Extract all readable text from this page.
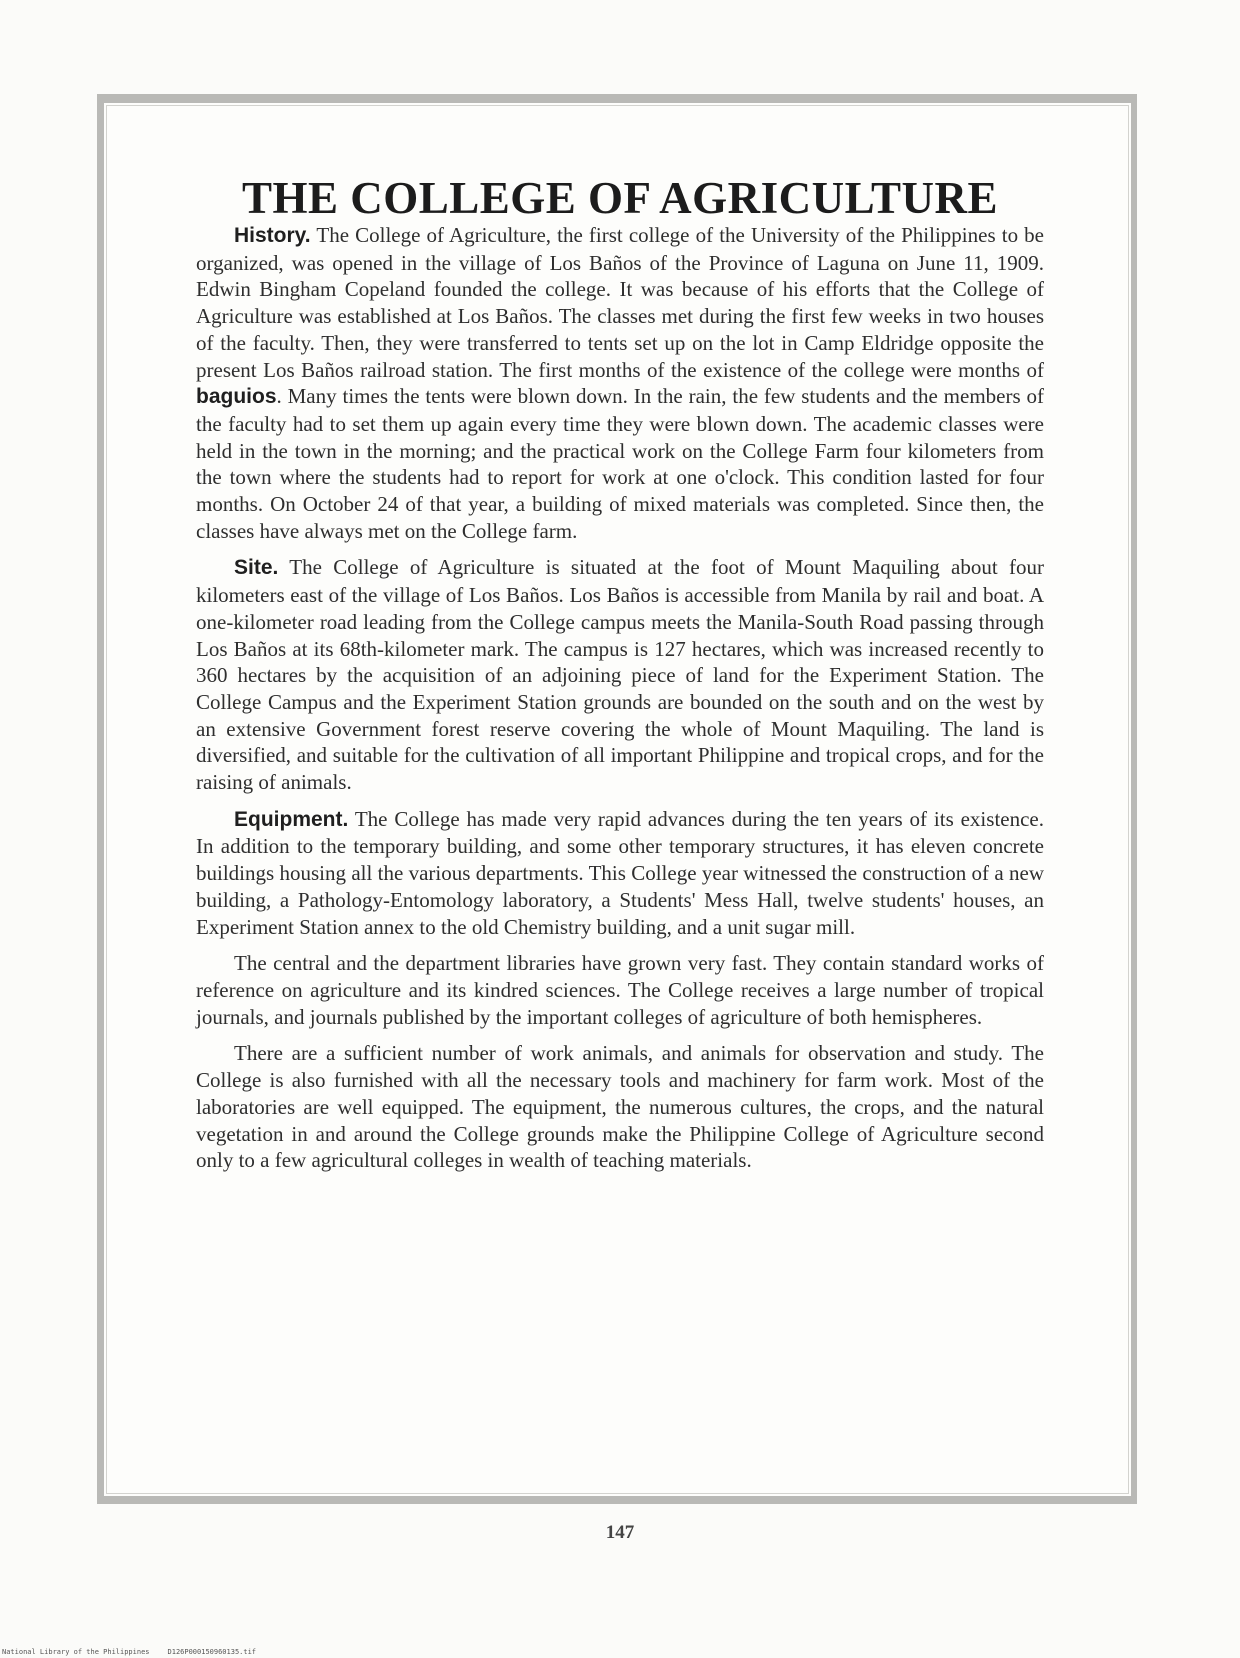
THE COLLEGE OF AGRICULTURE

History. The College of Agriculture, the first college of the University of the Philippines to be organized, was opened in the village of Los Baños of the Province of Laguna on June 11, 1909. Edwin Bingham Copeland founded the college. It was because of his efforts that the College of Agriculture was established at Los Baños. The classes met during the first few weeks in two houses of the faculty. Then, they were transferred to tents set up on the lot in Camp Eldridge opposite the present Los Baños railroad station. The first months of the existence of the college were months of baguios. Many times the tents were blown down. In the rain, the few students and the members of the faculty had to set them up again every time they were blown down. The academic classes were held in the town in the morning; and the practical work on the College Farm four kilometers from the town where the students had to report for work at one o'clock. This condition lasted for four months. On October 24 of that year, a building of mixed materials was completed. Since then, the classes have always met on the College farm.

Site. The College of Agriculture is situated at the foot of Mount Maquiling about four kilometers east of the village of Los Baños. Los Baños is accessible from Manila by rail and boat. A one-kilometer road leading from the College campus meets the Manila-South Road passing through Los Baños at its 68th-kilometer mark. The campus is 127 hectares, which was increased recently to 360 hectares by the acquisition of an adjoining piece of land for the Experiment Station. The College Campus and the Experiment Station grounds are bounded on the south and on the west by an extensive Government forest reserve covering the whole of Mount Maquiling. The land is diversified, and suitable for the cultivation of all important Philippine and tropical crops, and for the raising of animals.

Equipment. The College has made very rapid advances during the ten years of its existence. In addition to the temporary building, and some other temporary structures, it has eleven concrete buildings housing all the various departments. This College year witnessed the construction of a new building, a Pathology-Entomology laboratory, a Students' Mess Hall, twelve students' houses, an Experiment Station annex to the old Chemistry building, and a unit sugar mill.

The central and the department libraries have grown very fast. They contain standard works of reference on agriculture and its kindred sciences. The College receives a large number of tropical journals, and journals published by the important colleges of agriculture of both hemispheres.

There are a sufficient number of work animals, and animals for observation and study. The College is also furnished with all the necessary tools and machinery for farm work. Most of the laboratories are well equipped. The equipment, the numerous cultures, the crops, and the natural vegetation in and around the College grounds make the Philippine College of Agriculture second only to a few agricultural colleges in wealth of teaching materials.

147
National Library of the Philippines	D126P000150960135.tif
